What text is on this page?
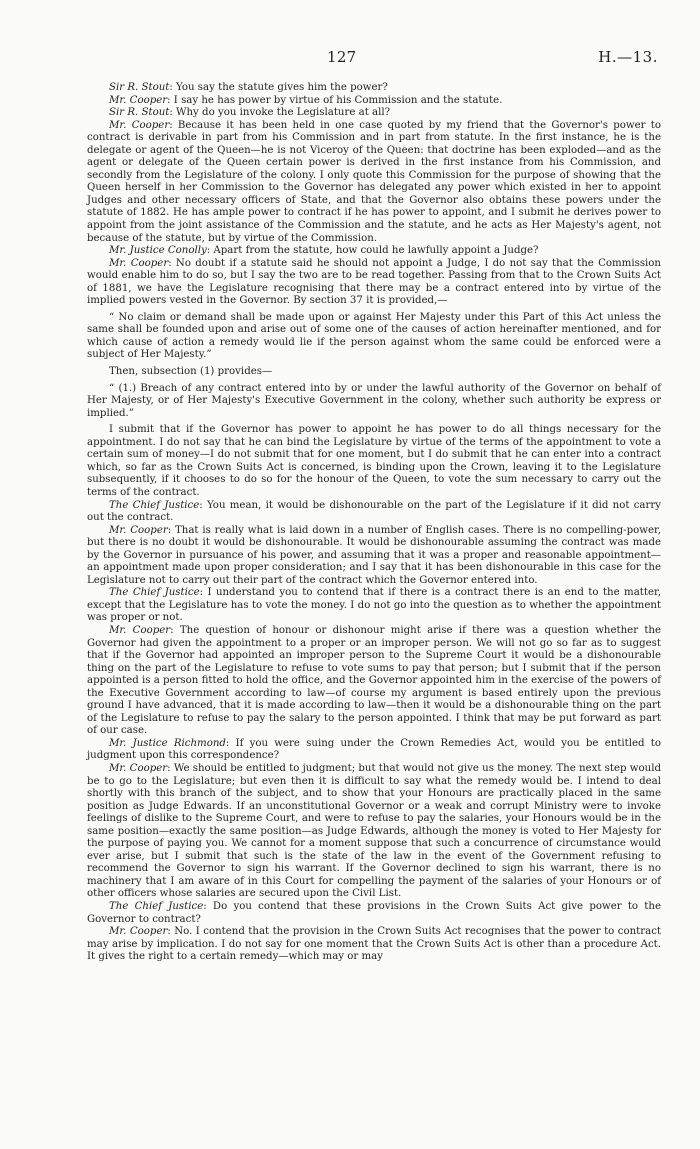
127	H.—13.

Sir R. Stout: You say the statute gives him the power?

Mr. Cooper: I say he has power by virtue of his Commission and the statute.

Sir R. Stout: Why do you invoke the Legislature at all?

Mr. Cooper: Because it has been held in one case quoted by my friend that the Governor's power to contract is derivable in part from his Commission and in part from statute. In the first instance, he is the delegate or agent of the Queen—he is not Viceroy of the Queen: that doctrine has been exploded—and as the agent or delegate of the Queen certain power is derived in the first instance from his Commission, and secondly from the Legislature of the colony. I only quote this Commission for the purpose of showing that the Queen herself in her Commission to the Governor has delegated any power which existed in her to appoint Judges and other necessary officers of State, and that the Governor also obtains these powers under the statute of 1882. He has ample power to contract if he has power to appoint, and I submit he derives power to appoint from the joint assistance of the Commission and the statute, and he acts as Her Majesty's agent, not because of the statute, but by virtue of the Commission.

Mr. Justice Conolly: Apart from the statute, how could he lawfully appoint a Judge?

Mr. Cooper: No doubt if a statute said he should not appoint a Judge, I do not say that the Commission would enable him to do so, but I say the two are to be read together. Passing from that to the Crown Suits Act of 1881, we have the Legislature recognising that there may be a contract entered into by virtue of the implied powers vested in the Governor. By section 37 it is provided,—

“ No claim or demand shall be made upon or against Her Majesty under this Part of this Act unless the same shall be founded upon and arise out of some one of the causes of action hereinafter mentioned, and for which cause of action a remedy would lie if the person against whom the same could be enforced were a subject of Her Majesty.”

Then, subsection (1) provides—

“ (1.) Breach of any contract entered into by or under the lawful authority of the Governor on behalf of Her Majesty, or of Her Majesty's Executive Government in the colony, whether such authority be express or implied.”

I submit that if the Governor has power to appoint he has power to do all things necessary for the appointment. I do not say that he can bind the Legislature by virtue of the terms of the appointment to vote a certain sum of money—I do not submit that for one moment, but I do submit that he can enter into a contract which, so far as the Crown Suits Act is concerned, is binding upon the Crown, leaving it to the Legislature subsequently, if it chooses to do so for the honour of the Queen, to vote the sum necessary to carry out the terms of the contract.

The Chief Justice: You mean, it would be dishonourable on the part of the Legislature if it did not carry out the contract.

Mr. Cooper: That is really what is laid down in a number of English cases. There is no compelling-power, but there is no doubt it would be dishonourable. It would be dishonourable assuming the contract was made by the Governor in pursuance of his power, and assuming that it was a proper and reasonable appointment—an appointment made upon proper consideration; and I say that it has been dishonourable in this case for the Legislature not to carry out their part of the contract which the Governor entered into.

The Chief Justice: I understand you to contend that if there is a contract there is an end to the matter, except that the Legislature has to vote the money. I do not go into the question as to whether the appointment was proper or not.

Mr. Cooper: The question of honour or dishonour might arise if there was a question whether the Governor had given the appointment to a proper or an improper person. We will not go so far as to suggest that if the Governor had appointed an improper person to the Supreme Court it would be a dishonourable thing on the part of the Legislature to refuse to vote sums to pay that person; but I submit that if the person appointed is a person fitted to hold the office, and the Governor appointed him in the exercise of the powers of the Executive Government according to law—of course my argument is based entirely upon the previous ground I have advanced, that it is made according to law—then it would be a dishonourable thing on the part of the Legislature to refuse to pay the salary to the person appointed. I think that may be put forward as part of our case.

Mr. Justice Richmond: If you were suing under the Crown Remedies Act, would you be entitled to judgment upon this correspondence?

Mr. Cooper: We should be entitled to judgment; but that would not give us the money. The next step would be to go to the Legislature; but even then it is difficult to say what the remedy would be. I intend to deal shortly with this branch of the subject, and to show that your Honours are practically placed in the same position as Judge Edwards. If an unconstitutional Governor or a weak and corrupt Ministry were to invoke feelings of dislike to the Supreme Court, and were to refuse to pay the salaries, your Honours would be in the same position—exactly the same position—as Judge Edwards, although the money is voted to Her Majesty for the purpose of paying you. We cannot for a moment suppose that such a concurrence of circumstance would ever arise, but I submit that such is the state of the law in the event of the Government refusing to recommend the Governor to sign his warrant. If the Governor declined to sign his warrant, there is no machinery that I am aware of in this Court for compelling the payment of the salaries of your Honours or of other officers whose salaries are secured upon the Civil List.

The Chief Justice: Do you contend that these provisions in the Crown Suits Act give power to the Governor to contract?

Mr. Cooper: No. I contend that the provision in the Crown Suits Act recognises that the power to contract may arise by implication. I do not say for one moment that the Crown Suits Act is other than a procedure Act. It gives the right to a certain remedy—which may or may
